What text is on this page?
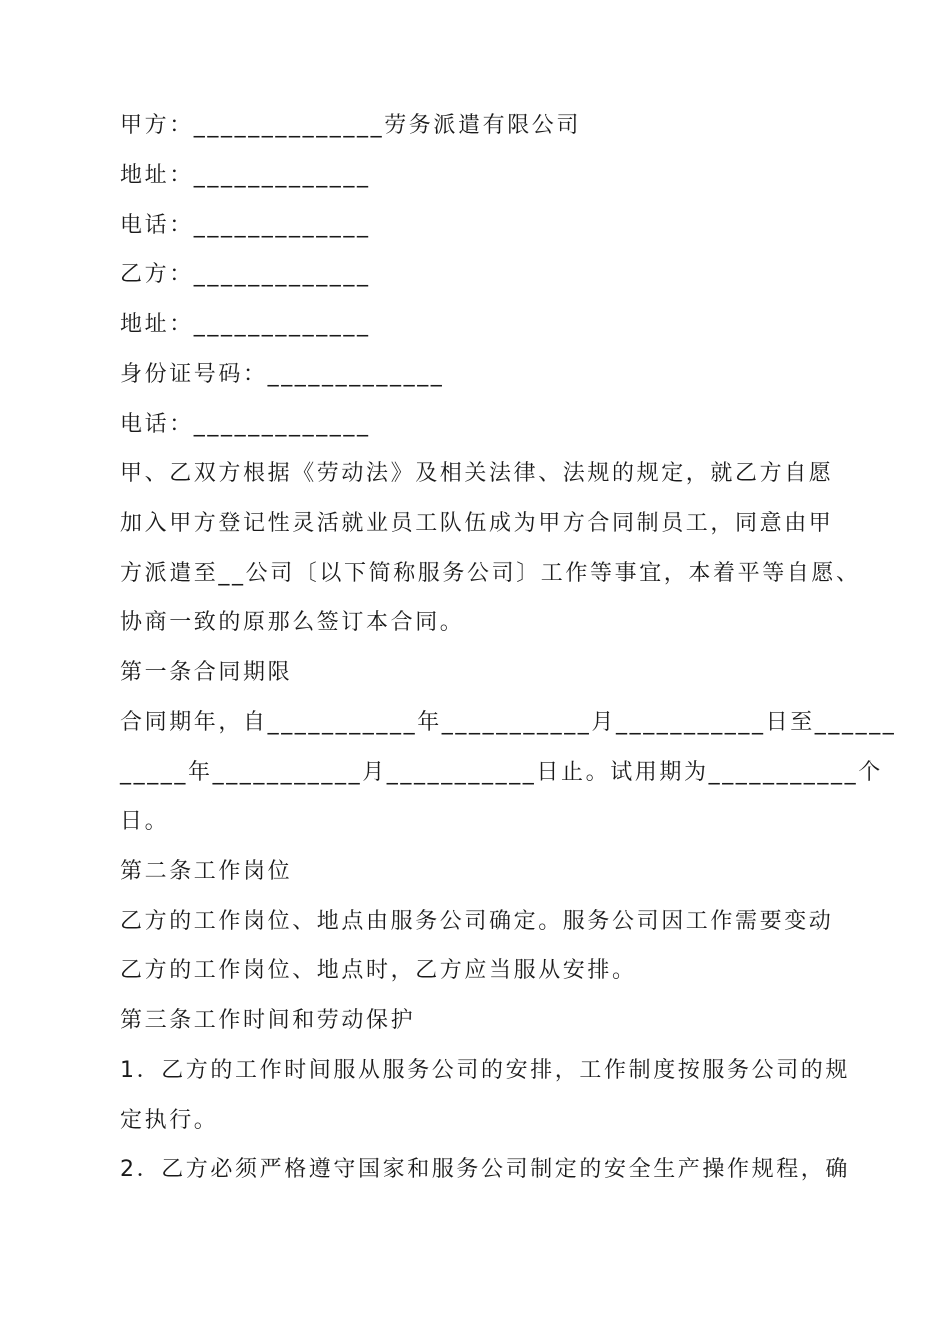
甲方：______________劳务派遣有限公司
地址：_____________
电话：_____________
乙方：_____________
地址：_____________
身份证号码：_____________
电话：_____________
甲、乙双方根据《劳动法》及相关法律、法规的规定，就乙方自愿
加入甲方登记性灵活就业员工队伍成为甲方合同制员工，同意由甲
方派遣至__公司〔以下简称服务公司〕工作等事宜，本着平等自愿、
协商一致的原那么签订本合同。
第一条合同期限
合同期年，自___________年___________月___________日至______
_____年___________月___________日止。试用期为___________个
日。
第二条工作岗位
乙方的工作岗位、地点由服务公司确定。服务公司因工作需要变动
乙方的工作岗位、地点时，乙方应当服从安排。
第三条工作时间和劳动保护
1．乙方的工作时间服从服务公司的安排，工作制度按服务公司的规
定执行。
2．乙方必须严格遵守国家和服务公司制定的安全生产操作规程，确
